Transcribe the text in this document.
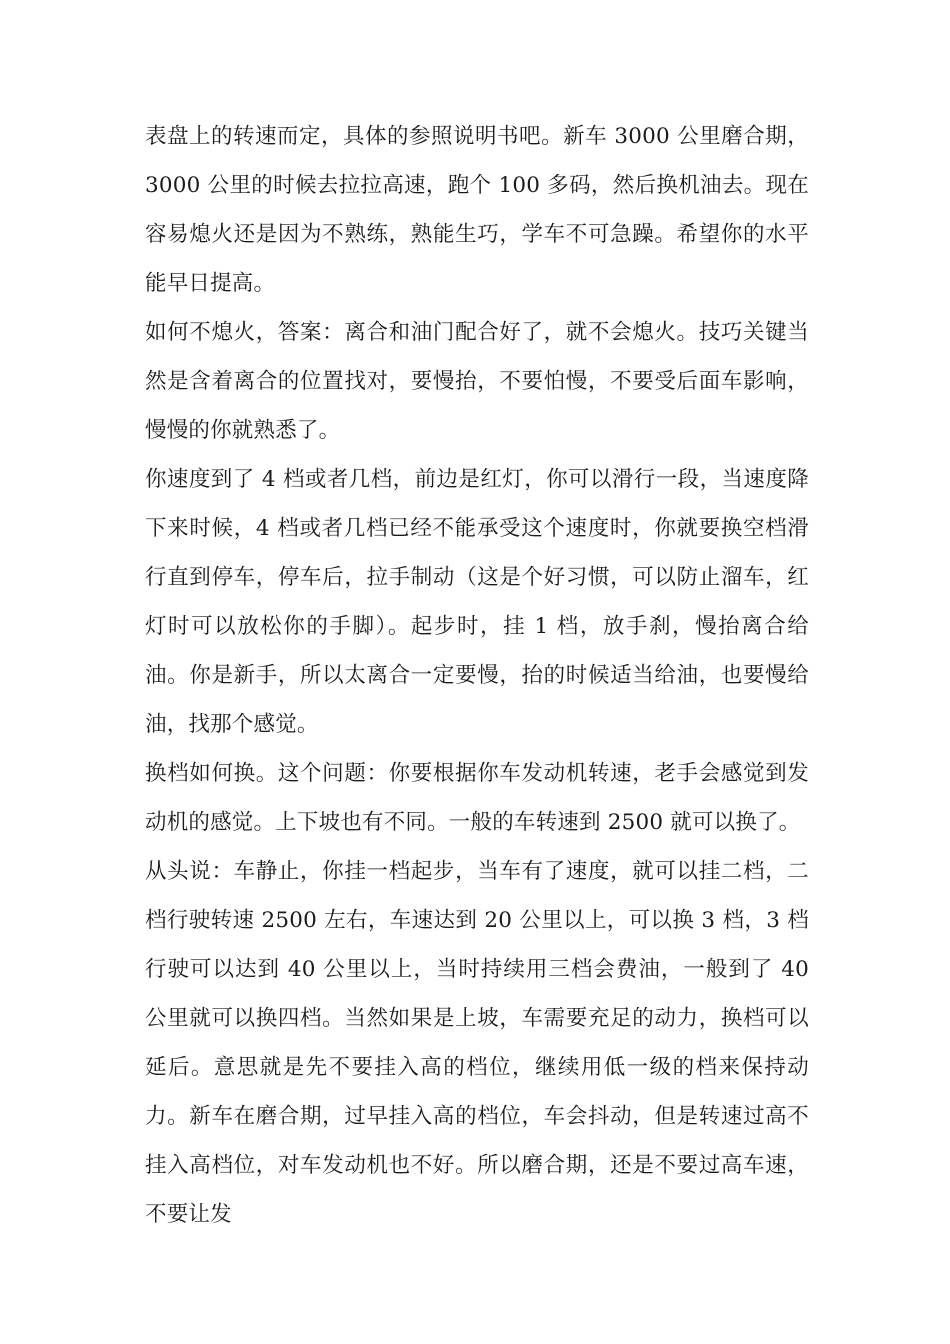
表盘上的转速而定，具体的参照说明书吧。新车 3000 公里磨合期，3000 公里的时候去拉拉高速，跑个 100 多码，然后换机油去。现在容易熄火还是因为不熟练，熟能生巧，学车不可急躁。希望你的水平能早日提高。

如何不熄火，答案：离合和油门配合好了，就不会熄火。技巧关键当然是含着离合的位置找对，要慢抬，不要怕慢，不要受后面车影响，慢慢的你就熟悉了。

你速度到了 4 档或者几档，前边是红灯，你可以滑行一段，当速度降下来时候，4 档或者几档已经不能承受这个速度时，你就要换空档滑行直到停车，停车后，拉手制动（这是个好习惯，可以防止溜车，红灯时可以放松你的手脚）。起步时，挂 1 档，放手刹，慢抬离合给油。你是新手，所以太离合一定要慢，抬的时候适当给油，也要慢给油，找那个感觉。

换档如何换。这个问题：你要根据你车发动机转速，老手会感觉到发动机的感觉。上下坡也有不同。一般的车转速到 2500 就可以换了。

从头说：车静止，你挂一档起步，当车有了速度，就可以挂二档，二档行驶转速 2500 左右，车速达到 20 公里以上，可以换 3 档，3 档行驶可以达到 40 公里以上，当时持续用三档会费油，一般到了 40 公里就可以换四档。当然如果是上坡，车需要充足的动力，换档可以延后。意思就是先不要挂入高的档位，继续用低一级的档来保持动力。新车在磨合期，过早挂入高的档位，车会抖动，但是转速过高不挂入高档位，对车发动机也不好。所以磨合期，还是不要过高车速，不要让发
